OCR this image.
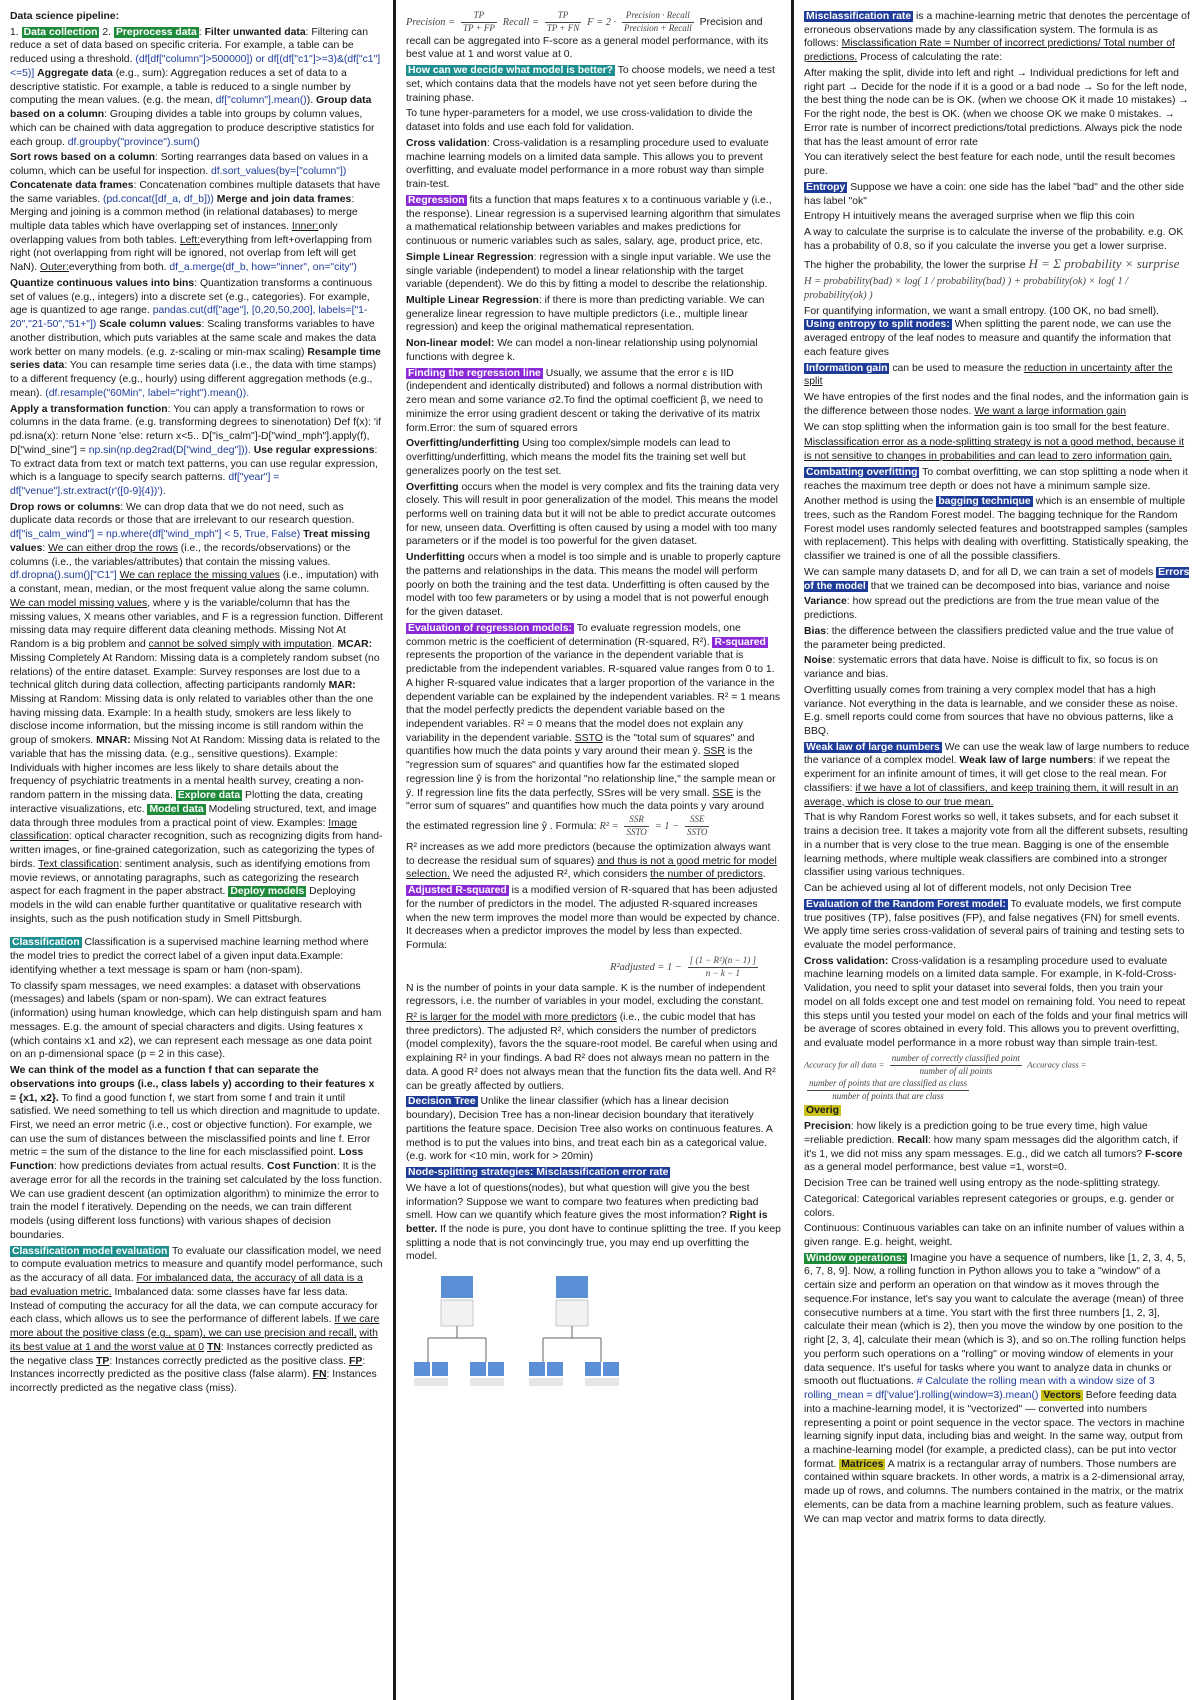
Data science pipeline:

1. Data collection 2. Preprocess data : Filter unwanted data: Filtering can reduce a set of data based on specific criteria. For example, a table can be reduced using a threshold. (df[df["column"]>500000]) or df[(df["c1"]>=3)&(df["c1"]<=5)] Aggregate data (e.g., sum): Aggregation reduces a set of data to a descriptive statistic. For example, a table is reduced to a single number by computing the mean values. (e.g. the mean, df["column"].mean()). Group data based on a column: Grouping divides a table into groups by column values, which can be chained with data aggregation to produce descriptive statistics for each group. df.groupby("province").sum()

Sort rows based on a column: Sorting rearranges data based on values in a column, which can be useful for inspection. df.sort_values(by=["column"]) Concatenate data frames: Concatenation combines multiple datasets that have the same variables. (pd.concat([df_a, df_b])) Merge and join data frames: Merging and joining is a common method (in relational databases) to merge multiple data tables which have overlapping set of instances. Inner:only overlapping values from both tables. Left:everything from left+overlapping from right (not overlapping from right will be ignored, not overlap from left will get NaN). Outer:everything from both. df_a.merge(df_b, how="inner", on="city")

Quantize continuous values into bins: Quantization transforms a continuous set of values (e.g., integers) into a discrete set (e.g., categories). For example, age is quantized to age range. pandas.cut(df["age"], [0,20,50,200], labels=["1-20","21-50","51+"]) Scale column values: Scaling transforms variables to have another distribution, which puts variables at the same scale and makes the data work better on many models. (e.g. z-scaling or min-max scaling) Resample time series data: You can resample time series data (i.e., the data with time stamps) to a different frequency (e.g., hourly) using different aggregation methods (e.g., mean). (df.resample("60Min", label="right").mean()).

Apply a transformation function: You can apply a transformation to rows or columns in the data frame. (e.g. transforming degrees to sinenotation) Def f(x): 'if pd.isna(x): return None 'else: return x<5.. D["is_calm"]-D["wind_mph"].apply(f), D["wind_sine"] = np.sin(np.deg2rad(D["wind_deg"])). Use regular expressions: To extract data from text or match text patterns, you can use regular expression, which is a language to specify search patterns. df["year"] = df["venue"].str.extract(r'([0-9]{4})').

Drop rows or columns: We can drop data that we do not need, such as duplicate data records or those that are irrelevant to our research question. df["is_calm_wind"] = np.where(df["wind_mph"] < 5, True, False) Treat missing values: We can either drop the rows (i.e., the records/observations) or the columns (i.e., the variables/attributes) that contain the missing values. df.dropna().sum()["C1"] We can replace the missing values (i.e., imputation) with a constant, mean, median, or the most frequent value along the same column. We can model missing values, where y is the variable/column that has the missing values, X means other variables, and F is a regression function. Different missing data may require different data cleaning methods. Missing Not At Random is a big problem and cannot be solved simply with imputation. MCAR: Missing Completely At Random: Missing data is a completely random subset (no relations) of the entire dataset. Example: Survey responses are lost due to a technical glitch during data collection, affecting participants randomly MAR: Missing at Random: Missing data is only related to variables other than the one having missing data. Example: In a health study, smokers are less likely to disclose income information, but the missing income is still random within the group of smokers. MNAR: Missing Not At Random: Missing data is related to the variable that has the missing data. (e.g., sensitive questions). Example: Individuals with higher incomes are less likely to share details about the frequency of psychiatric treatments in a mental health survey, creating a non-random pattern in the missing data. Explore data Plotting the data, creating interactive visualizations, etc. Model data Modeling structured, text, and image data through three modules from a practical point of view. Examples: Image classification: optical character recognition, such as recognizing digits from hand-written images, or fine-grained categorization, such as categorizing the types of birds. Text classification: sentiment analysis, such as identifying emotions from movie reviews, or annotating paragraphs, such as categorizing the research aspect for each fragment in the paper abstract. Deploy models Deploying models in the wild can enable further quantitative or qualitative research with insights, such as the push notification study in Smell Pittsburgh.

Classification Classification is a supervised machine learning method where the model tries to predict the correct label of a given input data.Example: identifying whether a text message is spam or ham (non-spam).

To classify spam messages, we need examples: a dataset with observations (messages) and labels (spam or non-spam). We can extract features (information) using human knowledge, which can help distinguish spam and ham messages. E.g. the amount of special characters and digits. Using features x (which contains x1 and x2), we can represent each message as one data point on an p-dimensional space (p = 2 in this case).

We can think of the model as a function f that can separate the observations into groups (i.e., class labels y) according to their features x = {x1, x2}. To find a good function f, we start from some f and train it until satisfied. We need something to tell us which direction and magnitude to update. First, we need an error metric (i.e., cost or objective function). For example, we can use the sum of distances between the misclassified points and line f. Error metric = the sum of the distance to the line for each misclassified point. Loss Function: how predictions deviates from actual results. Cost Function: It is the average error for all the records in the training set calculated by the loss function. We can use gradient descent (an optimization algorithm) to minimize the error to train the model f iteratively. Depending on the needs, we can train different models (using different loss functions) with various shapes of decision boundaries.

Classification model evaluation To evaluate our classification model, we need to compute evaluation metrics to measure and quantify model performance, such as the accuracy of all data. For imbalanced data, the accuracy of all data is a bad evaluation metric. Imbalanced data: some classes have far less data. Instead of computing the accuracy for all the data, we can compute accuracy for each class, which allows us to see the performance of different labels. If we care more about the positive class (e.g., spam), we can use precision and recall, with its best value at 1 and the worst value at 0 TN: Instances correctly predicted as the negative class TP: Instances correctly predicted as the positive class. FP: Instances incorrectly predicted as the positive class (false alarm). FN: Instances incorrectly predicted as the negative class (miss).

Precision = $\frac{TP}{TP + FP}$ Recall = $\frac{TP}{TP + FN}$ $F = 2 \cdot \frac{\text{Precision · Recall}}{\text{Precision + Recall}}$ Precision and recall can be aggregated into F-score as a general model performance, with its best value at 1 and worst value at 0.

How can we decide what model is better? To choose models, we need a test set, which contains data that the models have not yet seen before during the training phase.

To tune hyper-parameters for a model, we use cross-validation to divide the dataset into folds and use each fold for validation.

Cross validation: Cross-validation is a resampling procedure used to evaluate machine learning models on a limited data sample. This allows you to prevent overfitting, and evaluate model performance in a more robust way than simple train-test.

Regression fits a function that maps features x to a continuous variable y (i.e., the response). Linear regression is a supervised learning algorithm that simulates a mathematical relationship between variables and makes predictions for continuous or numeric variables such as sales, salary, age, product price, etc.

Simple Linear Regression: regression with a single input variable. We use the single variable (independent) to model a linear relationship with the target variable (dependent). We do this by fitting a model to describe the relationship.

Multiple Linear Regression: if there is more than predicting variable. We can generalize linear regression to have multiple predictors (i.e., multiple linear regression) and keep the original mathematical representation.

Non-linear model: We can model a non-linear relationship using polynomial functions with degree k.

Finding the regression line Usually, we assume that the error ε is IID (independent and identically distributed) and follows a normal distribution with zero mean and some variance σ2.To find the optimal coefficient β, we need to minimize the error using gradient descent or taking the derivative of its matrix form.Error: the sum of squared errors

Overfitting/underfitting Using too complex/simple models can lead to overfitting/underfitting, which means the model fits the training set well but generalizes poorly on the test set.

Overfitting occurs when the model is very complex and fits the training data very closely. This will result in poor generalization of the model. This means the model performs well on training data but it will not be able to predict accurate outcomes for new, unseen data. Overfitting is often caused by using a model with too many parameters or if the model is too powerful for the given dataset.

Underfitting occurs when a model is too simple and is unable to properly capture the patterns and relationships in the data. This means the model will perform poorly on both the training and the test data. Underfitting is often caused by the model with too few parameters or by using a model that is not powerful enough for the given dataset.

Evaluation of regression models: To evaluate regression models, one common metric is the coefficient of determination (R-squared, R²). R-squared represents the proportion of the variance in the dependent variable that is predictable from the independent variables. R-squared value ranges from 0 to 1. A higher R-squared value indicates that a larger proportion of the variance in the dependent variable can be explained by the independent variables. R² = 1 means that the model perfectly predicts the dependent variable based on the independent variables. R² = 0 means that the model does not explain any variability in the dependent variable. SSTO is the "total sum of squares" and quantifies how much the data points y vary around their mean ȳ. SSR is the "regression sum of squares" and quantifies how far the estimated sloped regression line ŷ is from the horizontal "no relationship line," the sample mean or ȳ. If regression line fits the data perfectly, SSres will be very small. SSE is the "error sum of squares" and quantifies how much the data points y vary around the estimated regression line ŷ . Formula: $R^2 = \frac{\text{SSR}}{\text{SSTO}} = 1 - \frac{\text{SSE}}{\text{SSTO}}$

R² increases as we add more predictors (because the optimization always want to decrease the residual sum of squares) and thus is not a good metric for model selection. We need the adjusted R², which considers the number of predictors.

Adjusted R-squared is a modified version of R-squared that has been adjusted for the number of predictors in the model. The adjusted R-squared increases when the new term improves the model more than would be expected by chance. It decreases when a predictor improves the model by less than expected. Formula:

R²adjusted = $1 - \frac{\text{[ (1 − R²)(n − 1) ]}}{n - k - 1}$

N is the number of points in your data sample. K is the number of independent regressors, i.e. the number of variables in your model, excluding the constant.

R² is larger for the model with more predictors (i.e., the cubic model that has three predictors). The adjusted R², which considers the number of predictors (model complexity), favors the the square-root model. Be careful when using and explaining R² in your findings. A bad R² does not always mean no pattern in the data. A good R² does not always mean that the function fits the data well. And R² can be greatly affected by outliers.

Decision Tree Unlike the linear classifier (which has a linear decision boundary), Decision Tree has a non-linear decision boundary that iteratively partitions the feature space. Decision Tree also works on continuous features. A method is to put the values into bins, and treat each bin as a categorical value. (e.g. work for <10 min, work for > 20min)

Node-splitting strategies: Misclassification error rate

We have a lot of questions(nodes), but what question will give you the best information? Suppose we want to compare two features when predicting bad smell. How can we quantify which feature gives the most information? Right is better. If the node is pure, you dont have to continue splitting the tree. If you keep splitting a node that is not convincingly true, you may end up overfitting the model.

Misclassification rate is a machine-learning metric that denotes the percentage of erroneous observations made by any classification system. The formula is as follows: Misclassification Rate = Number of incorrect predictions/ Total number of predictions. Process of calculating the rate:

After making the split, divide into left and right → Individual predictions for left and right part → Decide for the node if it is a good or a bad node → So for the left node, the best thing the node can be is OK. (when we choose OK it made 10 mistakes) → For the right node, the best is OK. (when we choose OK we make 0 mistakes. → Error rate is number of incorrect predictions/total predictions. Always pick the node that has the least amount of error rate

You can iteratively select the best feature for each node, until the result becomes pure.

Entropy Suppose we have a coin: one side has the label "bad" and the other side has label "ok"

Entropy H intuitively means the averaged surprise when we flip this coin

A way to calculate the surprise is to calculate the inverse of the probability. e.g. OK has a probability of 0.8, so if you calculate the inverse you get a lower surprise.

The higher the probability, the lower the surprise H = Σ probability × surprise

H = probability(bad) × log( 1 / probability(bad) ) + probability(ok) × log( 1 / probability(ok) )

For quantifying information, we want a small entropy. (100 OK, no bad smell). Using entropy to split nodes: When splitting the parent node, we can use the averaged entropy of the leaf nodes to measure and quantify the information that each feature gives

Information gain can be used to measure the reduction in uncertainty after the split

We have entropies of the first nodes and the final nodes, and the information gain is the difference between those nodes. We want a large information gain

We can stop splitting when the information gain is too small for the best feature.

Misclassification error as a node-splitting strategy is not a good method, because it is not sensitive to changes in probabilities and can lead to zero information gain.

Combatting overfitting To combat overfitting, we can stop splitting a node when it reaches the maximum tree depth or does not have a minimum sample size.

Another method is using the bagging technique which is an ensemble of multiple trees, such as the Random Forest model. The bagging technique for the Random Forest model uses randomly selected features and bootstrapped samples (samples with replacement). This helps with dealing with overfitting. Statistically speaking, the classifier we trained is one of all the possible classifiers.

We can sample many datasets D, and for all D, we can train a set of models Errors of the model that we trained can be decomposed into bias, variance and noise

Variance: how spread out the predictions are from the true mean value of the predictions.

Bias: the difference between the classifiers predicted value and the true value of the parameter being predicted.

Noise: systematic errors that data have. Noise is difficult to fix, so focus is on variance and bias.

Overfitting usually comes from training a very complex model that has a high variance. Not everything in the data is learnable, and we consider these as noise. E.g. smell reports could come from sources that have no obvious patterns, like a BBQ.

Weak law of large numbers We can use the weak law of large numbers to reduce the variance of a complex model. Weak law of large numbers: if we repeat the experiment for an infinite amount of times, it will get close to the real mean. For classifiers: if we have a lot of classifiers, and keep training them, it will result in an average, which is close to our true mean.

That is why Random Forest works so well, it takes subsets, and for each subset it trains a decision tree. It takes a majority vote from all the different subsets, resulting in a number that is very close to the true mean. Bagging is one of the ensemble learning methods, where multiple weak classifiers are combined into a stronger classifier using various techniques.

Can be achieved using al lot of different models, not only Decision Tree

Evaluation of the Random Forest model: To evaluate models, we first compute true positives (TP), false positives (FP), and false negatives (FN) for smell events. We apply time series cross-validation of several pairs of training and testing sets to evaluate the model performance.

Cross validation: Cross-validation is a resampling procedure used to evaluate machine learning models on a limited data sample. For example, in K-fold-Cross-Validation, you need to split your dataset into several folds, then you train your model on all folds except one and test model on remaining fold. You need to repeat this steps until you tested your model on each of the folds and your final metrics will be average of scores obtained in every fold. This allows you to prevent overfitting, and evaluate model performance in a more robust way than simple train-test.

Accuracy for all data = $\frac{\text{number of correctly classified point}}{\text{number of all points}}$ Accuracy class =
$\frac{\text{number of points that are classified as class}}{\text{number of points that are class}}$

Overig

Precision: how likely is a prediction going to be true every time, high value =reliable prediction. Recall: how many spam messages did the algorithm catch, if it's 1, we did not miss any spam messages. E.g., did we catch all tumors? F-score as a general model performance, best value =1, worst=0.

Decision Tree can be trained well using entropy as the node-splitting strategy.

Categorical: Categorical variables represent categories or groups, e.g. gender or colors.

Continuous: Continuous variables can take on an infinite number of values within a given range. E.g. height, weight.

Window operations: Imagine you have a sequence of numbers, like [1, 2, 3, 4, 5, 6, 7, 8, 9]. Now, a rolling function in Python allows you to take a "window" of a certain size and perform an operation on that window as it moves through the sequence.For instance, let's say you want to calculate the average (mean) of three consecutive numbers at a time. You start with the first three numbers [1, 2, 3], calculate their mean (which is 2), then you move the window by one position to the right [2, 3, 4], calculate their mean (which is 3), and so on.The rolling function helps you perform such operations on a "rolling" or moving window of elements in your data sequence. It's useful for tasks where you want to analyze data in chunks or smooth out fluctuations. # Calculate the rolling mean with a window size of 3 rolling_mean = df['value'].rolling(window=3).mean() Vectors Before feeding data into a machine-learning model, it is "vectorized" — converted into numbers representing a point or point sequence in the vector space. The vectors in machine learning signify input data, including bias and weight. In the same way, output from a machine-learning model (for example, a predicted class), can be put into vector format. Matrices A matrix is a rectangular array of numbers. Those numbers are contained within square brackets. In other words, a matrix is a 2-dimensional array, made up of rows, and columns. The numbers contained in the matrix, or the matrix elements, can be data from a machine learning problem, such as feature values. We can map vector and matrix forms to data directly.
